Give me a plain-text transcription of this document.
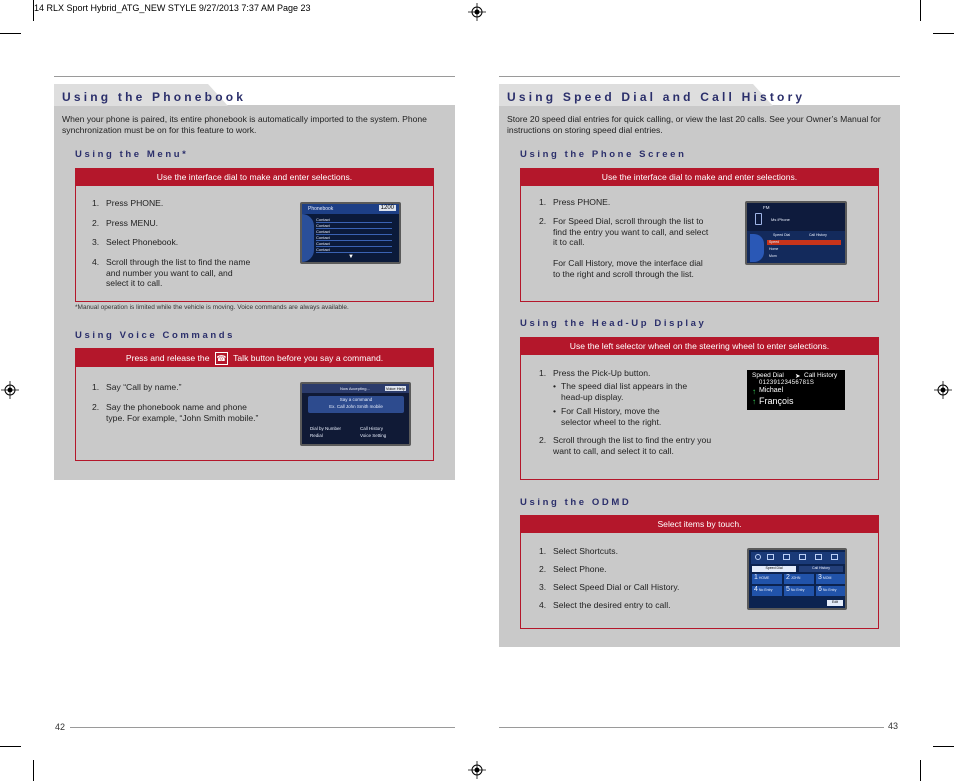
14 RLX Sport Hybrid_ATG_NEW STYLE 9/27/2013 7:37 AM Page 23
Using the Phonebook
When your phone is paired, its entire phonebook is automatically imported to the system. Phone synchronization must be on for this feature to work.
Using the Menu*
Use the interface dial to make and enter selections.
1. Press PHONE.
2. Press MENU.
3. Select Phonebook.
4. Scroll through the list to find the name and number you want to call, and select it to call.
Phonebook	1200
Contact
Contact
Contact
Contact
Contact
Contact
▼
*Manual operation is limited while the vehicle is moving. Voice commands are always available.
Using Voice Commands
Press and release the ☎ Talk button before you say a command.
1. Say “Call by name.”
2. Say the phonebook name and phone type. For example, “John Smith mobile.”
Now Accepting...	Voice Help
Say a command
Ex. Call John Smith mobile
Dial by Number	Call History
Redial	Voice Setting
42
Using Speed Dial and Call History
Store 20 speed dial entries for quick calling, or view the last 20 calls. See your Owner’s Manual for instructions on storing speed dial entries.
Using the Phone Screen
Use the interface dial to make and enter selections.
1. Press PHONE.
2. For Speed Dial, scroll through the list to find the entry you want to call, and select it to call.
For Call History, move the interface dial to the right and scroll through the list.
FM
Ms iPhone
Speed Dial	Call History
Speed
Home
Mom
Using the Head-Up Display
Use the left selector wheel on the steering wheel to enter selections.
1. Press the Pick-Up button.
• The speed dial list appears in the head-up display.
• For Call History, move the selector wheel to the right.
2. Scroll through the list to find the entry you want to call, and select it to call.
Speed Dial ➤ Call History
01239123456781S
↑ Michael
↑ François
Using the ODMD
Select items by touch.
1. Select Shortcuts.
2. Select Phone.
3. Select Speed Dial or Call History.
4. Select the desired entry to call.
Speed Dial	Call History
1 HOME	2 JOHN	3 MOM
4 No Entry	5 No Entry	6 No Entry
Edit
43
